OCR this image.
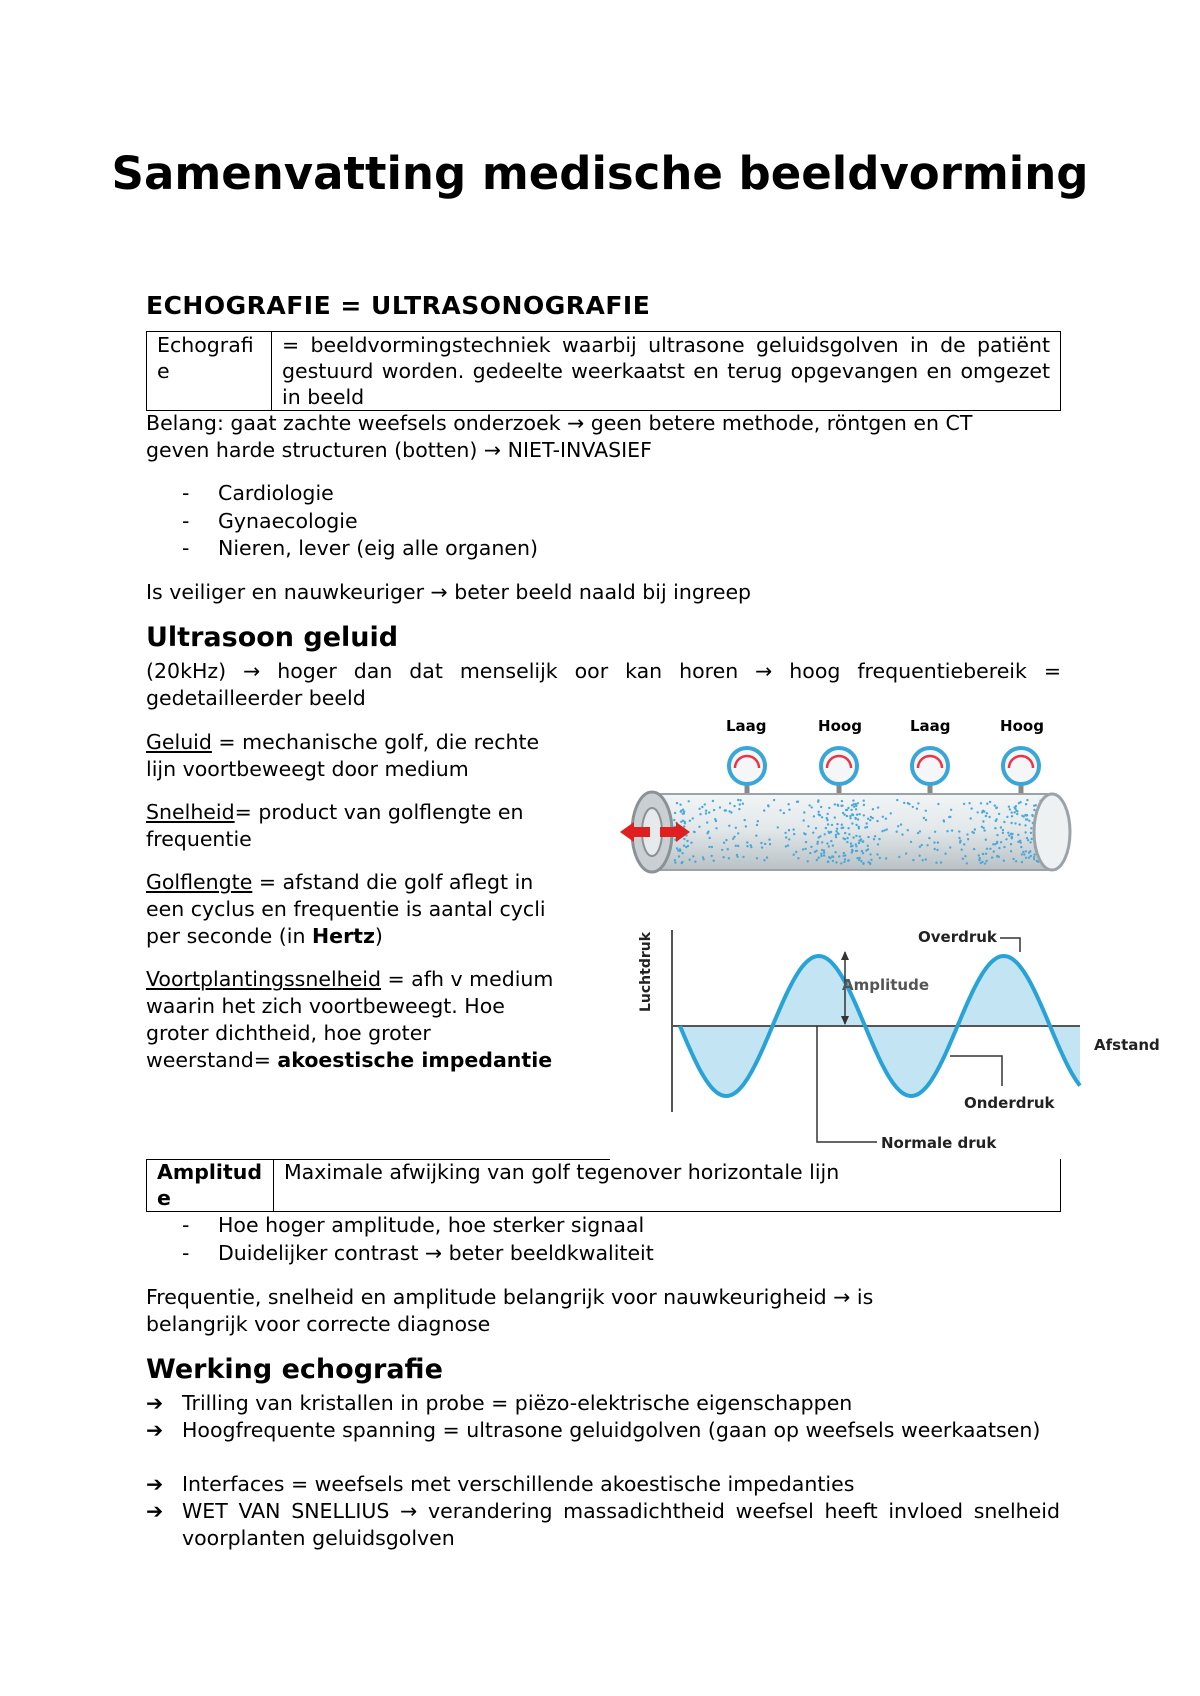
Samenvatting medische beeldvorming
ECHOGRAFIE = ULTRASONOGRAFIE
Echografie	= beeldvormingstechniek waarbij ultrasone geluidsgolven in de patiënt gestuurd worden. gedeelte weerkaatst en terug opgevangen en omgezet in beeld
Belang: gaat zachte weefsels onderzoek → geen betere methode, röntgen en CT
geven harde structuren (botten) → NIET-INVASIEF
- Cardiologie
- Gynaecologie
- Nieren, lever (eig alle organen)
Is veiliger en nauwkeuriger → beter beeld naald bij ingreep
Ultrasoon geluid
(20kHz) → hoger dan dat menselijk oor kan horen → hoog frequentiebereik =
gedetailleerder beeld
Geluid = mechanische golf, die rechte
lijn voortbeweegt door medium
Snelheid= product van golflengte en
frequentie
Golflengte = afstand die golf aflegt in
een cyclus en frequentie is aantal cycli
per seconde (in Hertz)
Voortplantingssnelheid = afh v medium
waarin het zich voortbeweegt. Hoe
groter dichtheid, hoe groter
weerstand= akoestische impedantie
Laag	Hoog	Laag	Hoog
Luchtdruk	Overdruk
Amplitude
Afstand
Onderdruk
Normale druk
Amplitude	Maximale afwijking van golf tegenover horizontale lijn
- Hoe hoger amplitude, hoe sterker signaal
- Duidelijker contrast → beter beeldkwaliteit
Frequentie, snelheid en amplitude belangrijk voor nauwkeurigheid → is
belangrijk voor correcte diagnose
Werking echografie
➔ Trilling van kristallen in probe = piëzo-elektrische eigenschappen
➔ Hoogfrequente spanning = ultrasone geluidgolven (gaan op weefsels weerkaatsen)
➔ Interfaces = weefsels met verschillende akoestische impedanties
➔ WET VAN SNELLIUS → verandering massadichtheid weefsel heeft invloed snelheid voorplanten geluidsgolven
